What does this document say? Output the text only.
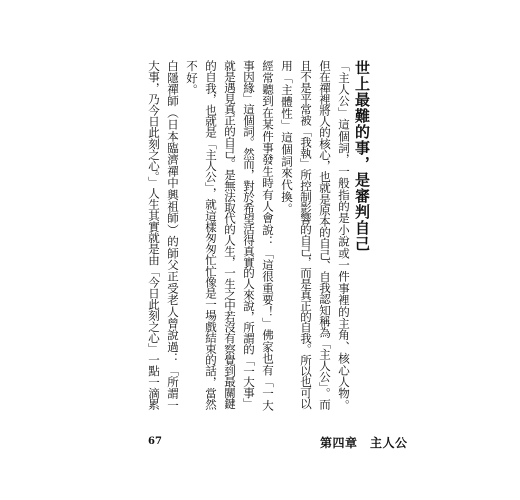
世上最難的事，是審判自己
「主人公」這個詞，一般指的是小說或一件事裡的主角、核心人物。
但在禪裡將人的核心，也就是原本的自己、自我認知稱為「主人公」。而
且不是平常被「我執」所控制影響的自己，而是真正的自我。所以也可以
用「主體性」這個詞來代換。
經常聽到在某件事發生時有人會說：「這很重要！」佛家也有「一大
事因緣」這個詞。然而，對於希望活得真實的人來說，所謂的「一大事」
就是遇見真正的自己。是無法取代的人生，一生之中若沒有察覺到最關鍵
的自我，也就是「主人公」，就這樣匆匆忙忙像是一場戲結束的話，當然
不好。
白隱禪師（日本臨濟禪中興祖師）的師父正受老人曾說過：「所謂一
大事，乃今日此刻之心。」人生其實就是由「今日此刻之心」一點一滴累
67	第四章　主人公
